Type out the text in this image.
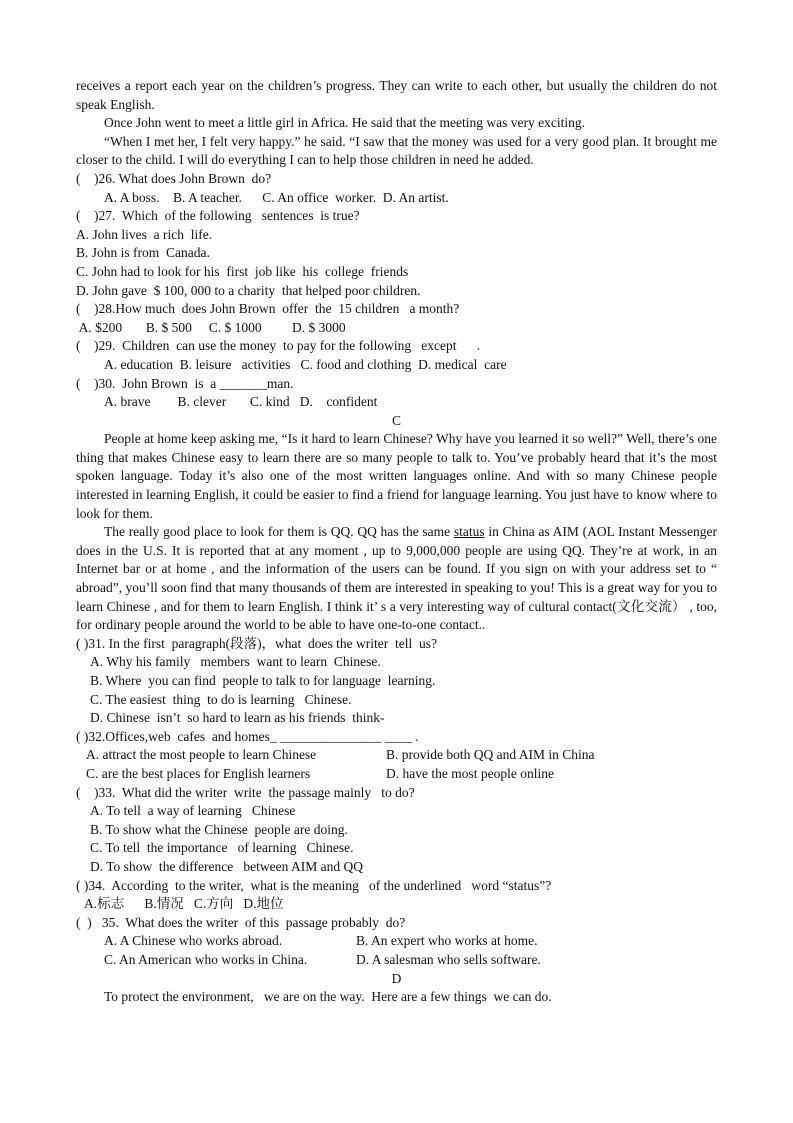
receives a report each year on the children’s progress. They can write to each other, but usually the children do not speak English.

Once John went to meet a little girl in Africa. He said that the meeting was very exciting.

“When I met her, I felt very happy.” he said. “I saw that the money was used for a very good plan. It brought me closer to the child. I will do everything I can to help those children in need he added.

(    )26. What does John Brown  do?

A. A boss.    B. A teacher.      C. An office  worker.  D. An artist.

(    )27.  Which  of the following   sentences  is true?

A. John lives  a rich  life.

B. John is from  Canada.

C. John had to look for his  first  job like  his  college  friends

D. John gave  $ 100, 000 to a charity  that helped poor children.

(    )28.How much  does John Brown  offer  the  15 children   a month?

A. $200       B. $ 500     C. $ 1000         D. $ 3000

(    )29.  Children  can use the money  to pay for the following   except      .

A. education  B. leisure   activities   C. food and clothing  D. medical  care

(    )30.  John Brown  is  a _______man.

A. brave        B. clever       C. kind   D.    confident

C

People at home keep asking me, “Is it hard to learn Chinese? Why have you learned it so well?” Well, there’s one thing that makes Chinese easy to learn there are so many people to talk to. You’ve probably heard that it’s the most spoken language. Today it’s also one of the most written languages online. And with so many Chinese people interested in learning English, it could be easier to find a friend for language learning. You just have to know where to look for them.

The really good place to look for them is QQ. QQ has the same status in China as AIM (AOL Instant Messenger does in the U.S. It is reported that at any moment , up to 9,000,000 people are using QQ. They’re at work, in an Internet bar or at home , and the information of the users can be found. If you sign on with your address set to “ abroad”, you’ll soon find that many thousands of them are interested in speaking to you! This is a great way for you to learn Chinese , and for them to learn English. I think it’ s a very interesting way of cultural contact(文化交流） , too, for ordinary people around the world to be able to have one-to-one contact..

( )31. In the first  paragraph(段落)，what  does the writer  tell  us?

A. Why his family   members  want to learn  Chinese.

B. Where  you can find  people to talk to for language  learning.

C. The easiest  thing  to do is learning   Chinese.

D. Chinese  isn’t  so hard to learn as his friends  think-

( )32.Offices,web  cafes  and homes_ _______________ ____ .

A. attract the most people to learn Chinese	B. provide both QQ and AIM in China
C. are the best places for English learners	D. have the most people online

(    )33.  What did the writer  write  the passage mainly   to do?

A. To tell  a way of learning   Chinese

B. To show what the Chinese  people are doing.

C. To tell  the importance   of learning   Chinese.

D. To show  the difference   between AIM and QQ

( )34.  According  to the writer,  what is the meaning   of the underlined   word “status”?

A.标志      B.情况   C.方向   D.地位

(  )   35.  What does the writer  of this  passage probably  do?

A. A Chinese who works abroad.	B. An expert who works at home.
C. An American who works in China.	D. A salesman who sells software.

D

To protect the environment,   we are on the way.  Here are a few things  we can do.
